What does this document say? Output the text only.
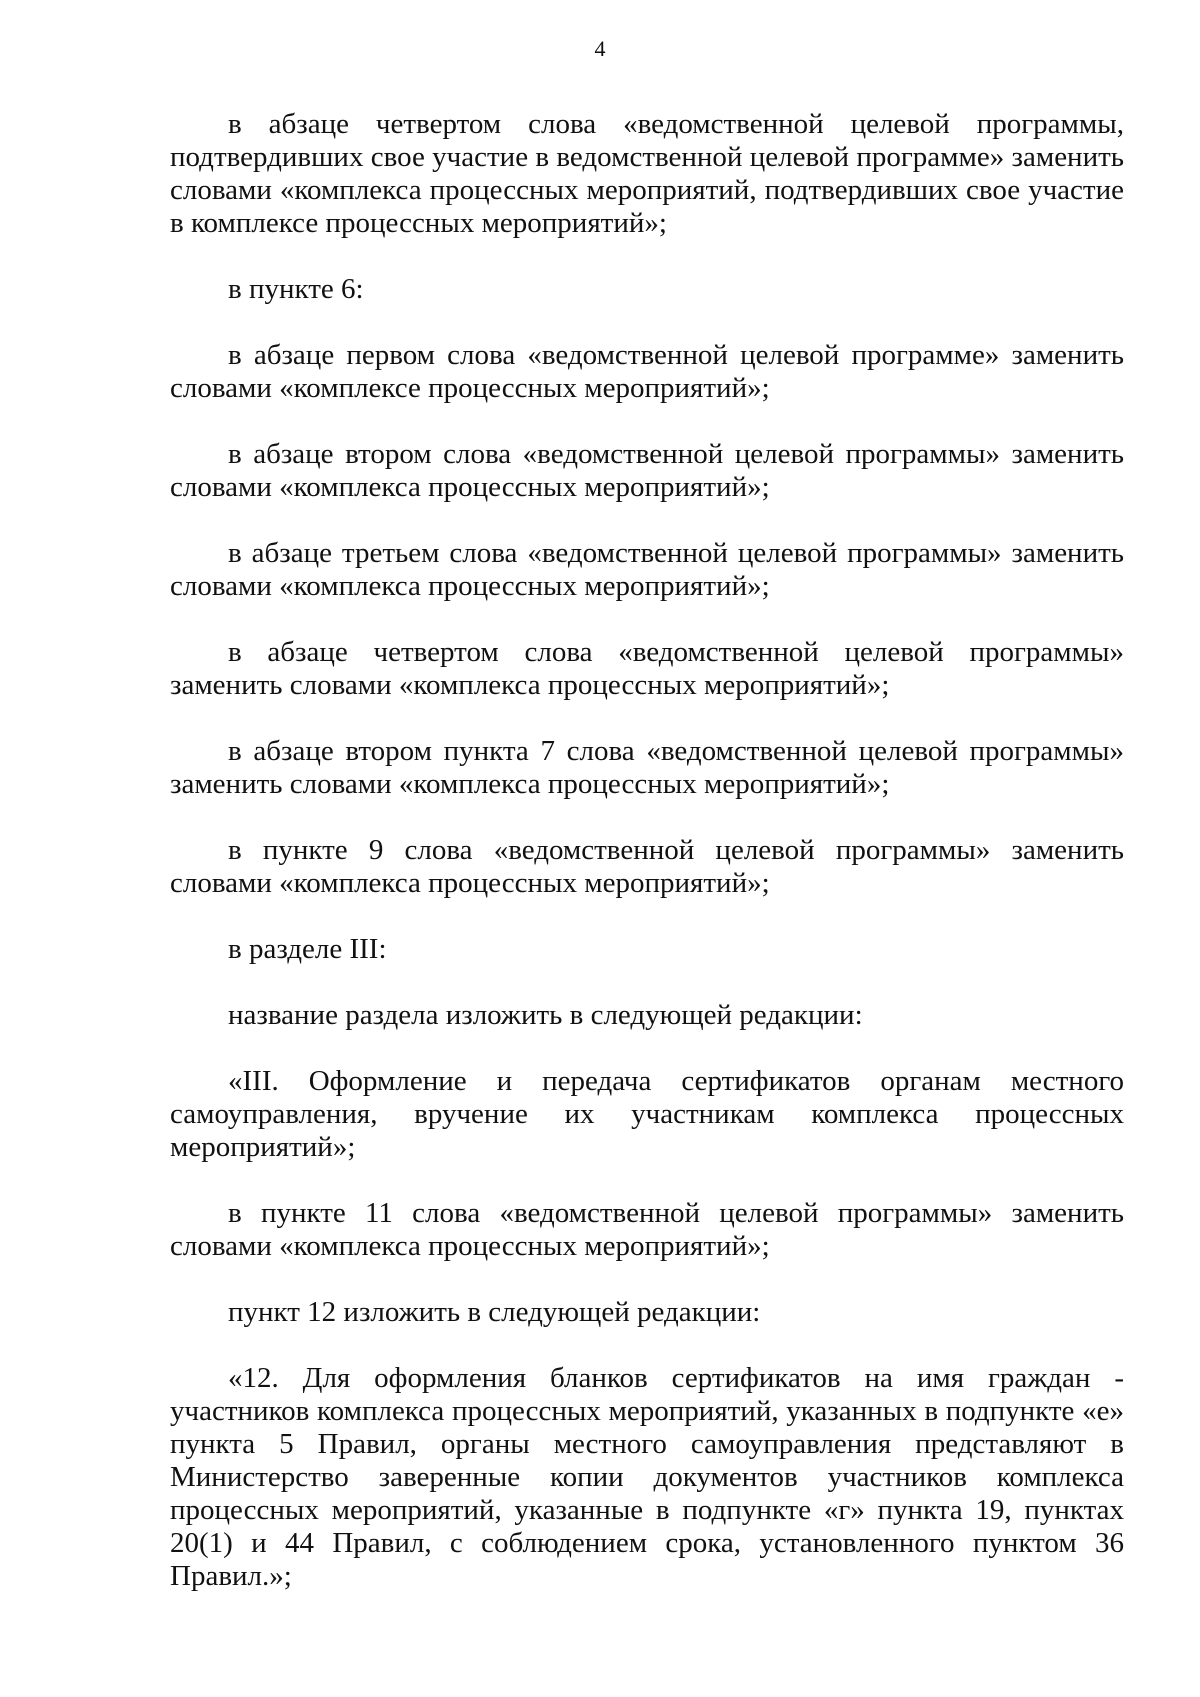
4

в абзаце четвертом слова «ведомственной целевой программы, подтвердивших свое участие в ведомственной целевой программе» заменить словами «комплекса процессных мероприятий, подтвердивших свое участие в комплексе процессных мероприятий»;

в пункте 6:

в абзаце первом слова «ведомственной целевой программе» заменить словами «комплексе процессных мероприятий»;

в абзаце втором слова «ведомственной целевой программы» заменить словами «комплекса процессных мероприятий»;

в абзаце третьем слова «ведомственной целевой программы» заменить словами «комплекса процессных мероприятий»;

в абзаце четвертом слова «ведомственной целевой программы» заменить словами «комплекса процессных мероприятий»;

в абзаце втором пункта 7 слова «ведомственной целевой программы» заменить словами «комплекса процессных мероприятий»;

в пункте 9 слова «ведомственной целевой программы» заменить словами «комплекса процессных мероприятий»;

в разделе III:

название раздела изложить в следующей редакции:

«III. Оформление и передача сертификатов органам местного самоуправления, вручение их участникам комплекса процессных мероприятий»;

в пункте 11 слова «ведомственной целевой программы» заменить словами «комплекса процессных мероприятий»;

пункт 12 изложить в следующей редакции:

«12. Для оформления бланков сертификатов на имя граждан - участников комплекса процессных мероприятий, указанных в подпункте «е» пункта 5 Правил, органы местного самоуправления представляют в Министерство заверенные копии документов участников комплекса процессных мероприятий, указанные в подпункте «г» пункта 19, пунктах 20(1) и 44 Правил, с соблюдением срока, установленного пунктом 36 Правил.»;
